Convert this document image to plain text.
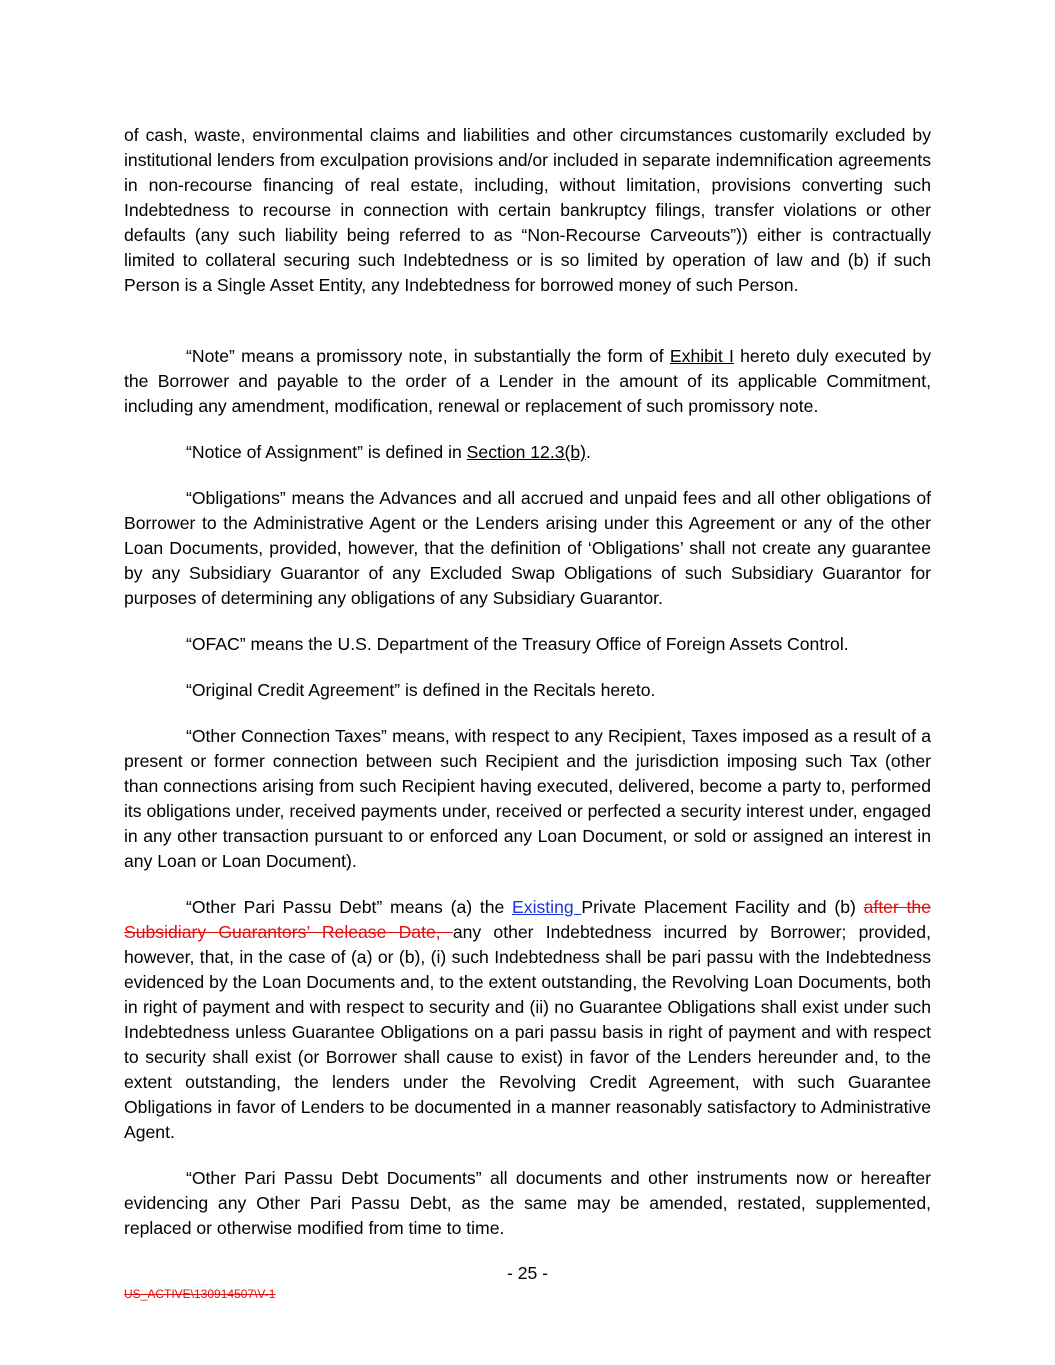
of cash, waste, environmental claims and liabilities and other circumstances customarily excluded by institutional lenders from exculpation provisions and/or included in separate indemnification agreements in non-recourse financing of real estate, including, without limitation, provisions converting such Indebtedness to recourse in connection with certain bankruptcy filings, transfer violations or other defaults (any such liability being referred to as “Non-Recourse Carveouts”)) either is contractually limited to collateral securing such Indebtedness or is so limited by operation of law and (b) if such Person is a Single Asset Entity, any Indebtedness for borrowed money of such Person.

“Note” means a promissory note, in substantially the form of Exhibit I hereto duly executed by the Borrower and payable to the order of a Lender in the amount of its applicable Commitment, including any amendment, modification, renewal or replacement of such promissory note.

“Notice of Assignment” is defined in Section 12.3(b).

“Obligations” means the Advances and all accrued and unpaid fees and all other obligations of Borrower to the Administrative Agent or the Lenders arising under this Agreement or any of the other Loan Documents, provided, however, that the definition of ‘Obligations’ shall not create any guarantee by any Subsidiary Guarantor of any Excluded Swap Obligations of such Subsidiary Guarantor for purposes of determining any obligations of any Subsidiary Guarantor.

“OFAC” means the U.S. Department of the Treasury Office of Foreign Assets Control.

“Original Credit Agreement” is defined in the Recitals hereto.

“Other Connection Taxes” means, with respect to any Recipient, Taxes imposed as a result of a present or former connection between such Recipient and the jurisdiction imposing such Tax (other than connections arising from such Recipient having executed, delivered, become a party to, performed its obligations under, received payments under, received or perfected a security interest under, engaged in any other transaction pursuant to or enforced any Loan Document, or sold or assigned an interest in any Loan or Loan Document).

“Other Pari Passu Debt” means (a) the Existing Private Placement Facility and (b) after the Subsidiary Guarantors’ Release Date, any other Indebtedness incurred by Borrower; provided, however, that, in the case of (a) or (b), (i) such Indebtedness shall be pari passu with the Indebtedness evidenced by the Loan Documents and, to the extent outstanding, the Revolving Loan Documents, both in right of payment and with respect to security and (ii) no Guarantee Obligations shall exist under such Indebtedness unless Guarantee Obligations on a pari passu basis in right of payment and with respect to security shall exist (or Borrower shall cause to exist) in favor of the Lenders hereunder and, to the extent outstanding, the lenders under the Revolving Credit Agreement, with such Guarantee Obligations in favor of Lenders to be documented in a manner reasonably satisfactory to Administrative Agent.

“Other Pari Passu Debt Documents” all documents and other instruments now or hereafter evidencing any Other Pari Passu Debt, as the same may be amended, restated, supplemented, replaced or otherwise modified from time to time.

- 25 -
US_ACTIVE\130914507\V-1
